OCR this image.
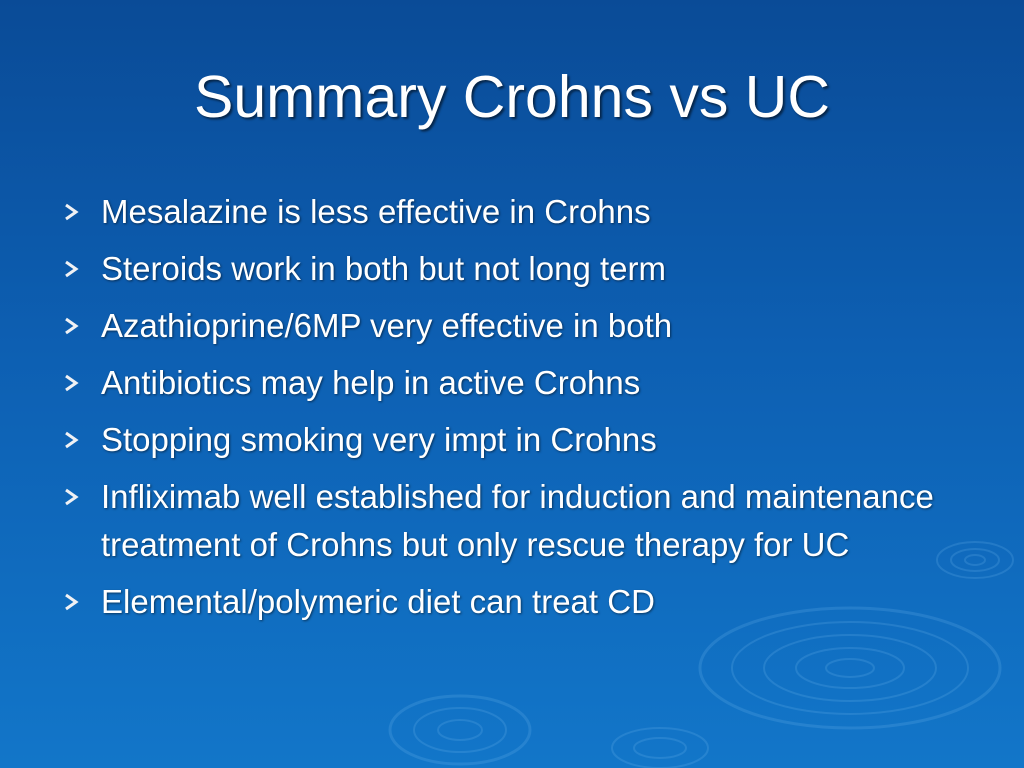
Summary Crohns vs UC
Mesalazine is less effective in Crohns
Steroids work in both but not long term
Azathioprine/6MP very effective in both
Antibiotics may help in active Crohns
Stopping smoking very impt in Crohns
Infliximab well established for induction and maintenance treatment of Crohns but only rescue therapy for UC
Elemental/polymeric diet can treat CD
